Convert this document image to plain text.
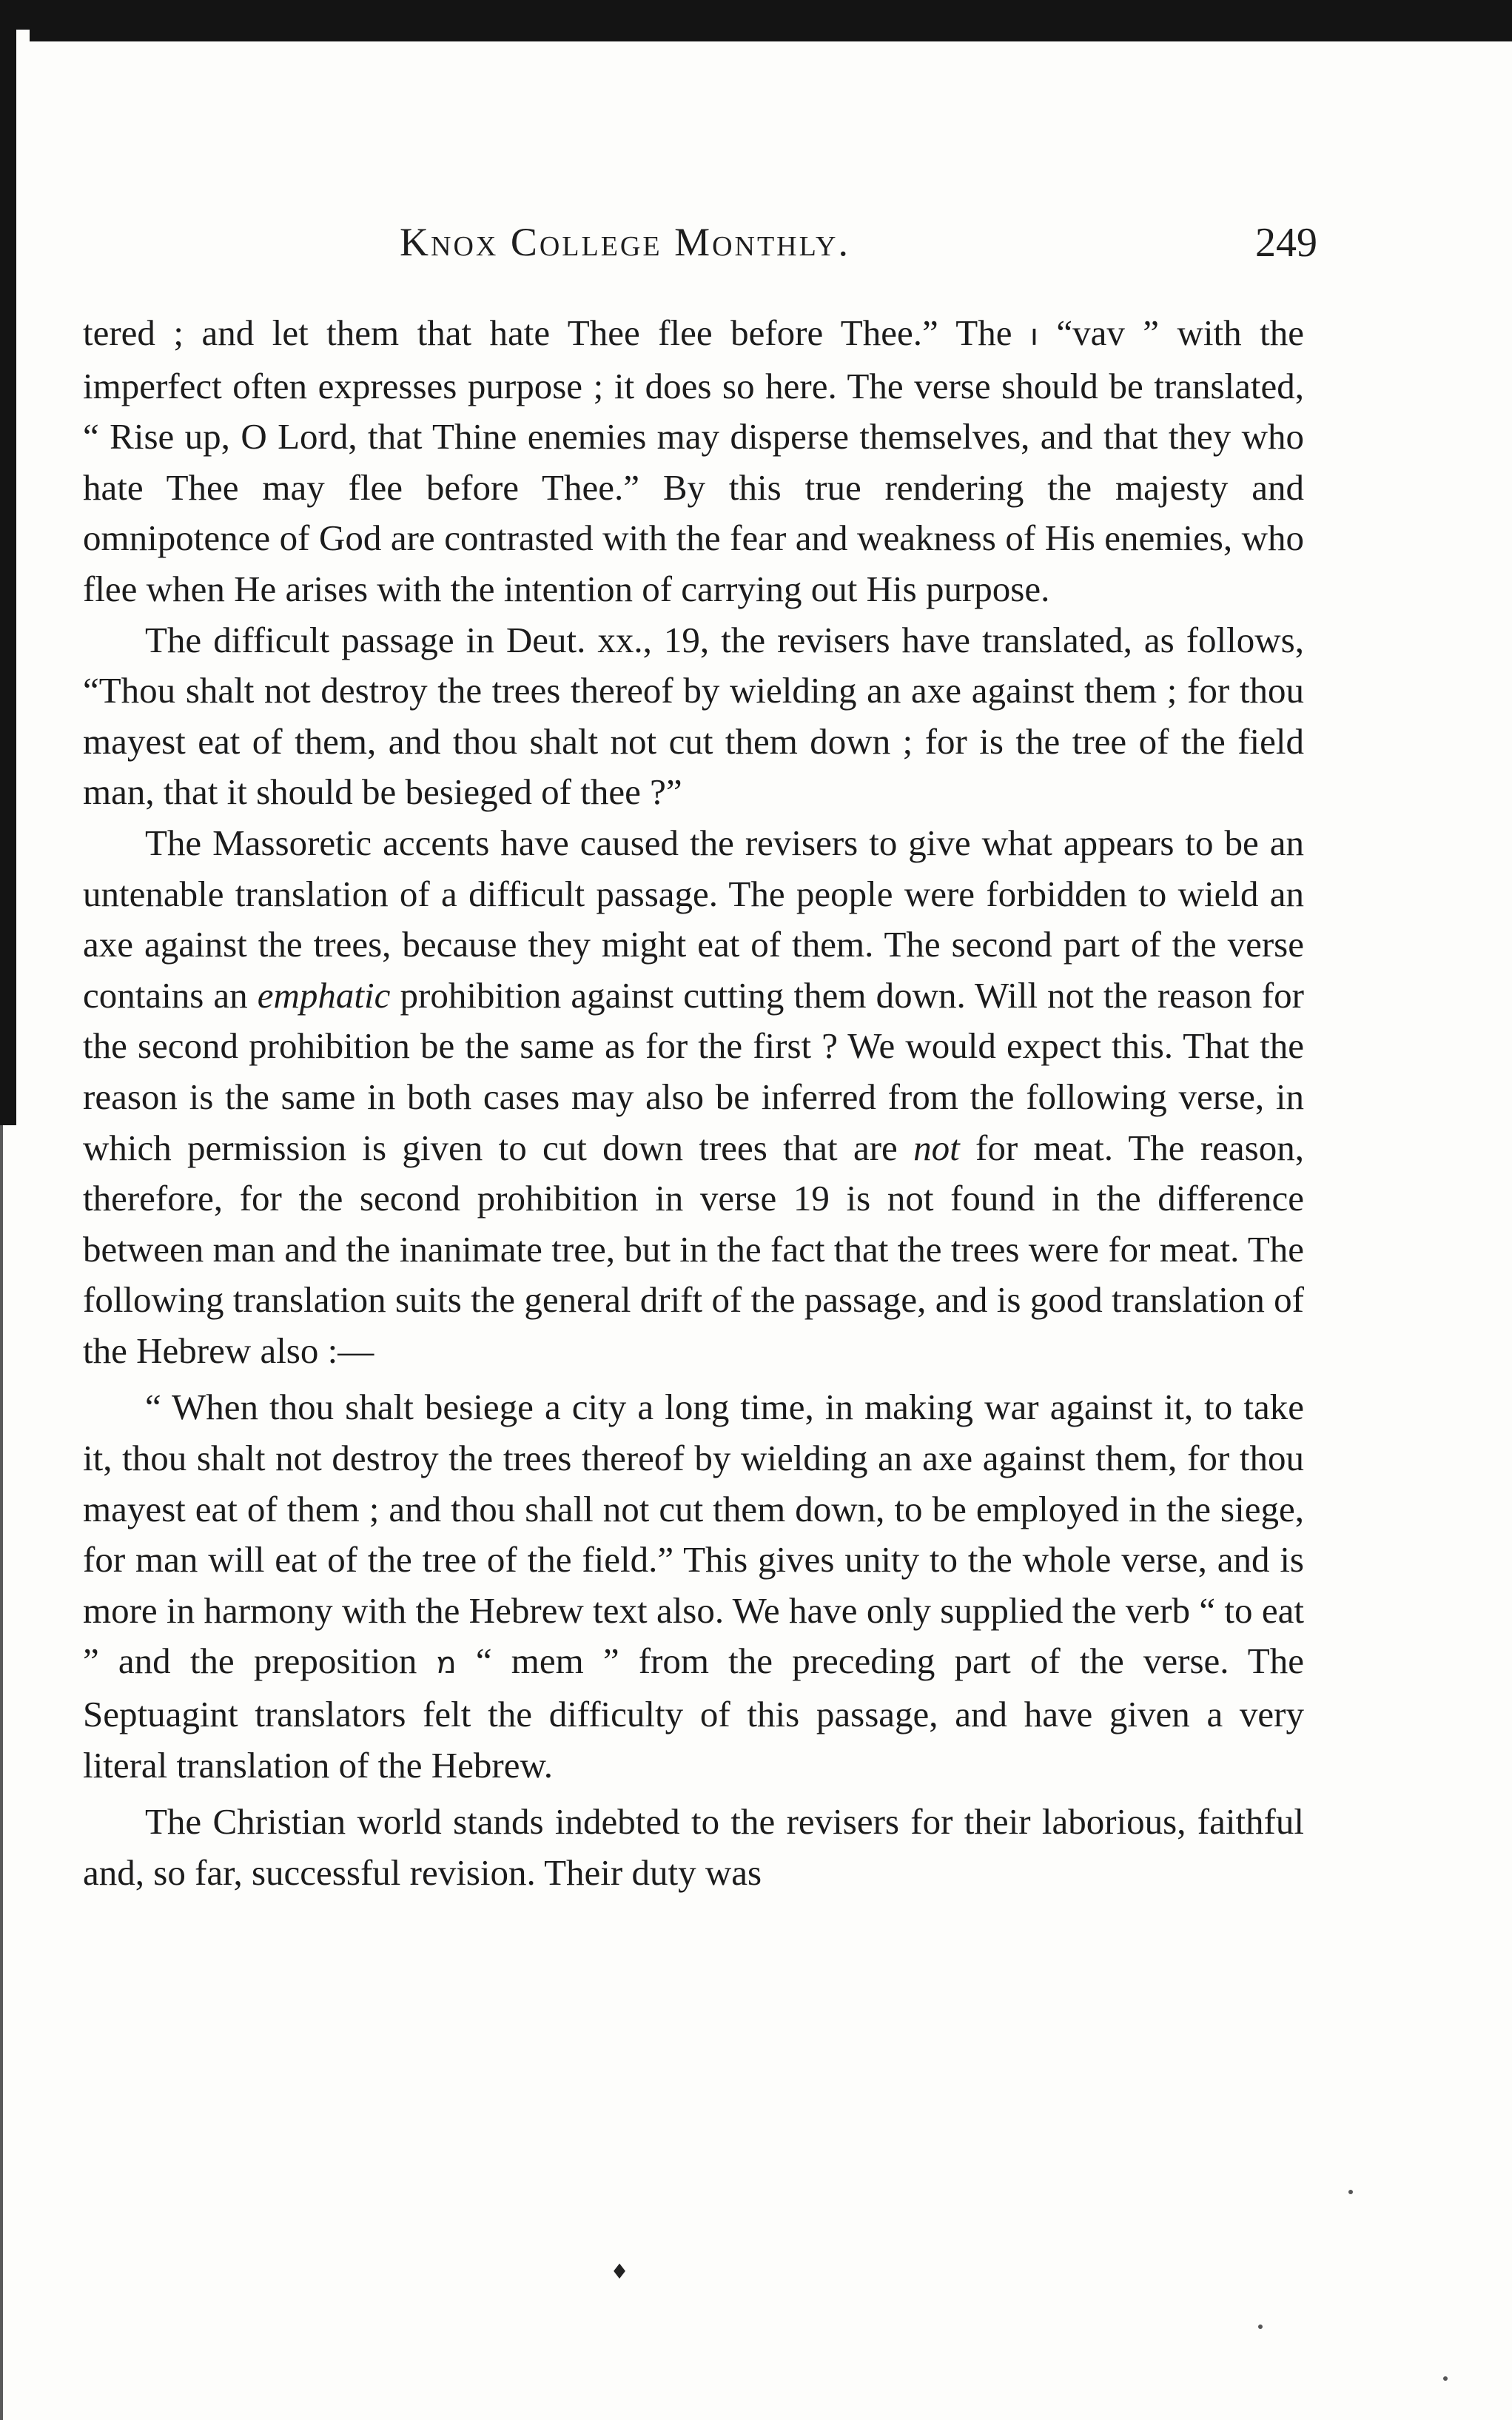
Knox College Monthly.	249

tered ; and let them that hate Thee flee before Thee.” The ו “vav ” with the imperfect often expresses purpose ; it does so here. The verse should be translated, “ Rise up, O Lord, that Thine enemies may disperse themselves, and that they who hate Thee may flee before Thee.” By this true rendering the majesty and omnipotence of God are contrasted with the fear and weakness of His enemies, who flee when He arises with the intention of carrying out His purpose.

The difficult passage in Deut. xx., 19, the revisers have translated, as follows, “Thou shalt not destroy the trees thereof by wielding an axe against them ; for thou mayest eat of them, and thou shalt not cut them down ; for is the tree of the field man, that it should be besieged of thee ?”

The Massoretic accents have caused the revisers to give what appears to be an untenable translation of a difficult passage. The people were forbidden to wield an axe against the trees, because they might eat of them. The second part of the verse contains an emphatic prohibition against cutting them down. Will not the reason for the second prohibition be the same as for the first ? We would expect this. That the reason is the same in both cases may also be inferred from the following verse, in which permission is given to cut down trees that are not for meat. The reason, therefore, for the second prohibition in verse 19 is not found in the difference between man and the inanimate tree, but in the fact that the trees were for meat. The following translation suits the general drift of the passage, and is good translation of the Hebrew also :—

“ When thou shalt besiege a city a long time, in making war against it, to take it, thou shalt not destroy the trees thereof by wielding an axe against them, for thou mayest eat of them ; and thou shall not cut them down, to be employed in the siege, for man will eat of the tree of the field.” This gives unity to the whole verse, and is more in harmony with the Hebrew text also. We have only supplied the verb “ to eat ” and the preposition מ “ mem ” from the preceding part of the verse. The Septuagint translators felt the difficulty of this passage, and have given a very literal translation of the Hebrew.

The Christian world stands indebted to the revisers for their laborious, faithful and, so far, successful revision. Their duty was

♦
